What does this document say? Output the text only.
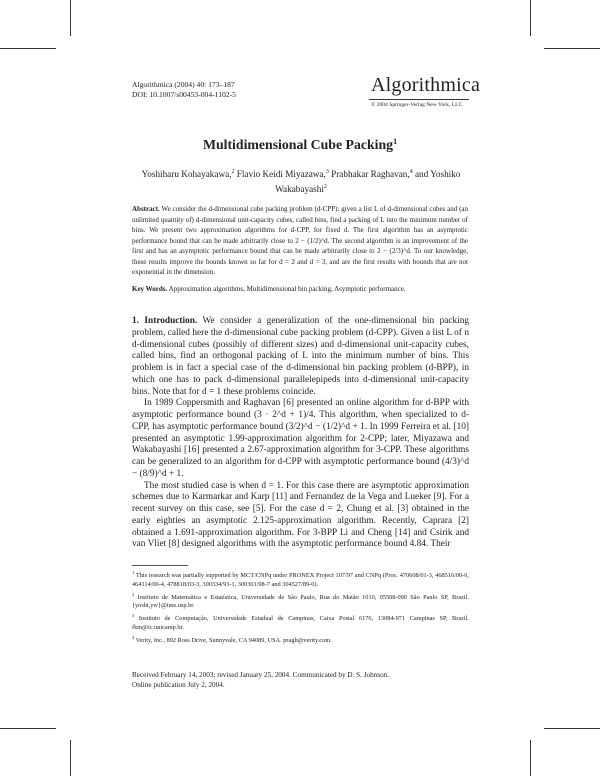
Algorithmica (2004) 40: 173–187
DOI: 10.1007/s00453-004-1102-5	Algorithmica
© 2004 Springer-Verlag New York, LLC
Multidimensional Cube Packing$^1$
Yoshiharu Kohayakawa,$^2$ Flavio Keidi Miyazawa,$^3$ Prabhakar Raghavan,$^4$ and Yoshiko Wakabayashi$^2$
Abstract. We consider the d-dimensional cube packing problem (d-CPP): given a list L of d-dimensional cubes and (an unlimited quantity of) d-dimensional unit-capacity cubes, called bins, find a packing of L into the minimum number of bins. We present two approximation algorithms for d-CPP, for fixed d. The first algorithm has an asymptotic performance bound that can be made arbitrarily close to 2 − (1/2)^d. The second algorithm is an improvement of the first and has an asymptotic performance bound that can be made arbitrarily close to 2 − (2/3)^d. To our knowledge, these results improve the bounds known so far for d = 2 and d = 3, and are the first results with bounds that are not exponential in the dimension.
Key Words. Approximation algorithms, Multidimensional bin packing, Asymptotic performance.

1. Introduction. We consider a generalization of the one-dimensional bin packing problem, called here the d-dimensional cube packing problem (d-CPP). Given a list L of n d-dimensional cubes (possibly of different sizes) and d-dimensional unit-capacity cubes, called bins, find an orthogonal packing of L into the minimum number of bins. This problem is in fact a special case of the d-dimensional bin packing problem (d-BPP), in which one has to pack d-dimensional parallelepipeds into d-dimensional unit-capacity bins. Note that for d = 1 these problems coincide.

In 1989 Coppersmith and Raghavan [6] presented an online algorithm for d-BPP with asymptotic performance bound (3 · 2^d + 1)/4. This algorithm, when specialized to d-CPP, has asymptotic performance bound (3/2)^d − (1/2)^d + 1. In 1999 Ferreira et al. [10] presented an asymptotic 1.99-approximation algorithm for 2-CPP; later, Miyazawa and Wakabayashi [16] presented a 2.67-approximation algorithm for 3-CPP. These algorithms can be generalized to an algorithm for d-CPP with asymptotic performance bound (4/3)^d − (8/9)^d + 1.

The most studied case is when d = 1. For this case there are asymptotic approximation schemes due to Karmarkar and Karp [11] and Fernandez de la Vega and Lueker [9]. For a recent survey on this case, see [5]. For the case d = 2, Chung et al. [3] obtained in the early eighties an asymptotic 2.125-approximation algorithm. Recently, Caprara [2] obtained a 1.691-approximation algorithm. For 3-BPP Li and Cheng [14] and Csirik and van Vliet [8] designed algorithms with the asymptotic performance bound 4.84. Their

$^1$ This research was partially supported by MCT/CNPq under PRONEX Project 107/97 and CNPq (Proc. 470608/01-3, 468516/00-0, 464114/00-4, 478818/03-3, 300334/93-1, 300301/98-7 and 304527/89-0).

$^2$ Instituto de Matemática e Estatística, Universidade de São Paulo, Rua do Matão 1010, 05508-090 São Paulo SP, Brazil. {yoshi,yw}@ime.usp.br.

$^3$ Instituto de Computação, Universidade Estadual de Campinas, Caixa Postal 6176, 13084-971 Campinas SP, Brazil. fkm@ic.unicamp.br.

$^4$ Verity, Inc., 892 Ross Drive, Sunnyvale, CA 94089, USA. pragh@verity.com.

Received February 14, 2003; revised January 25, 2004. Communicated by D. S. Johnson.

Online publication July 2, 2004.
